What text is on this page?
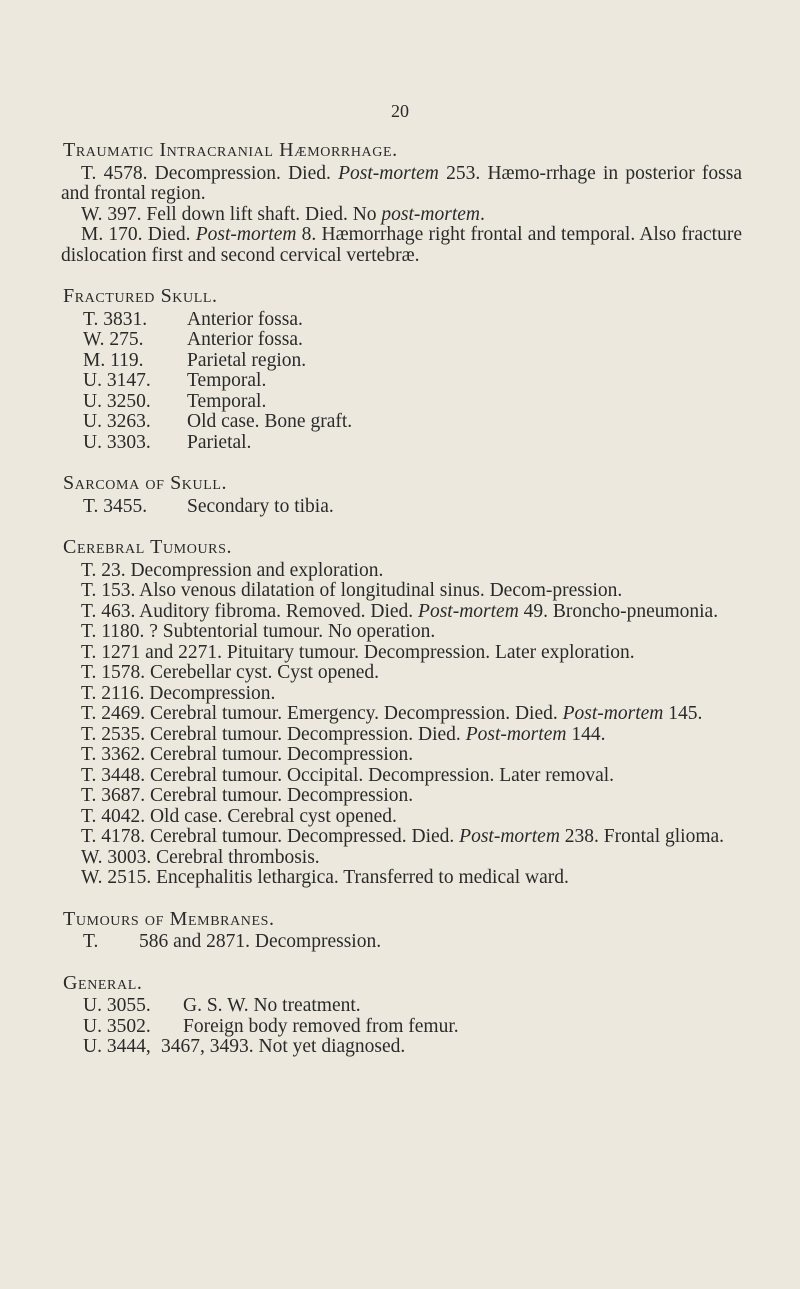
20
Traumatic Intracranial Hæmorrhage.

T. 4578. Decompression. Died. Post-mortem 253. Hæmo-rrhage in posterior fossa and frontal region.

W. 397. Fell down lift shaft. Died. No post-mortem.

M. 170. Died. Post-mortem 8. Hæmorrhage right frontal and temporal. Also fracture dislocation first and second cervical vertebræ.

Fractured Skull.
T. 3831.	Anterior fossa.
W. 275.	Anterior fossa.
M. 119.	Parietal region.
U. 3147.	Temporal.
U. 3250.	Temporal.
U. 3263.	Old case. Bone graft.
U. 3303.	Parietal.
Sarcoma of Skull.
T. 3455.	Secondary to tibia.
Cerebral Tumours.

T. 23. Decompression and exploration.

T. 153. Also venous dilatation of longitudinal sinus. Decom-pression.

T. 463. Auditory fibroma. Removed. Died. Post-mortem 49. Broncho-pneumonia.

T. 1180. ? Subtentorial tumour. No operation.

T. 1271 and 2271. Pituitary tumour. Decompression. Later exploration.

T. 1578. Cerebellar cyst. Cyst opened.

T. 2116. Decompression.

T. 2469. Cerebral tumour. Emergency. Decompression. Died. Post-mortem 145.

T. 2535. Cerebral tumour. Decompression. Died. Post-mortem 144.

T. 3362. Cerebral tumour. Decompression.

T. 3448. Cerebral tumour. Occipital. Decompression. Later removal.

T. 3687. Cerebral tumour. Decompression.

T. 4042. Old case. Cerebral cyst opened.

T. 4178. Cerebral tumour. Decompressed. Died. Post-mortem 238. Frontal glioma.

W. 3003. Cerebral thrombosis.

W. 2515. Encephalitis lethargica. Transferred to medical ward.

Tumours of Membranes.
T.	586 and 2871. Decompression.
General.
U. 3055.	G. S. W. No treatment.
U. 3502.	Foreign body removed from femur.
U. 3444, 3467, 3493. Not yet diagnosed.
